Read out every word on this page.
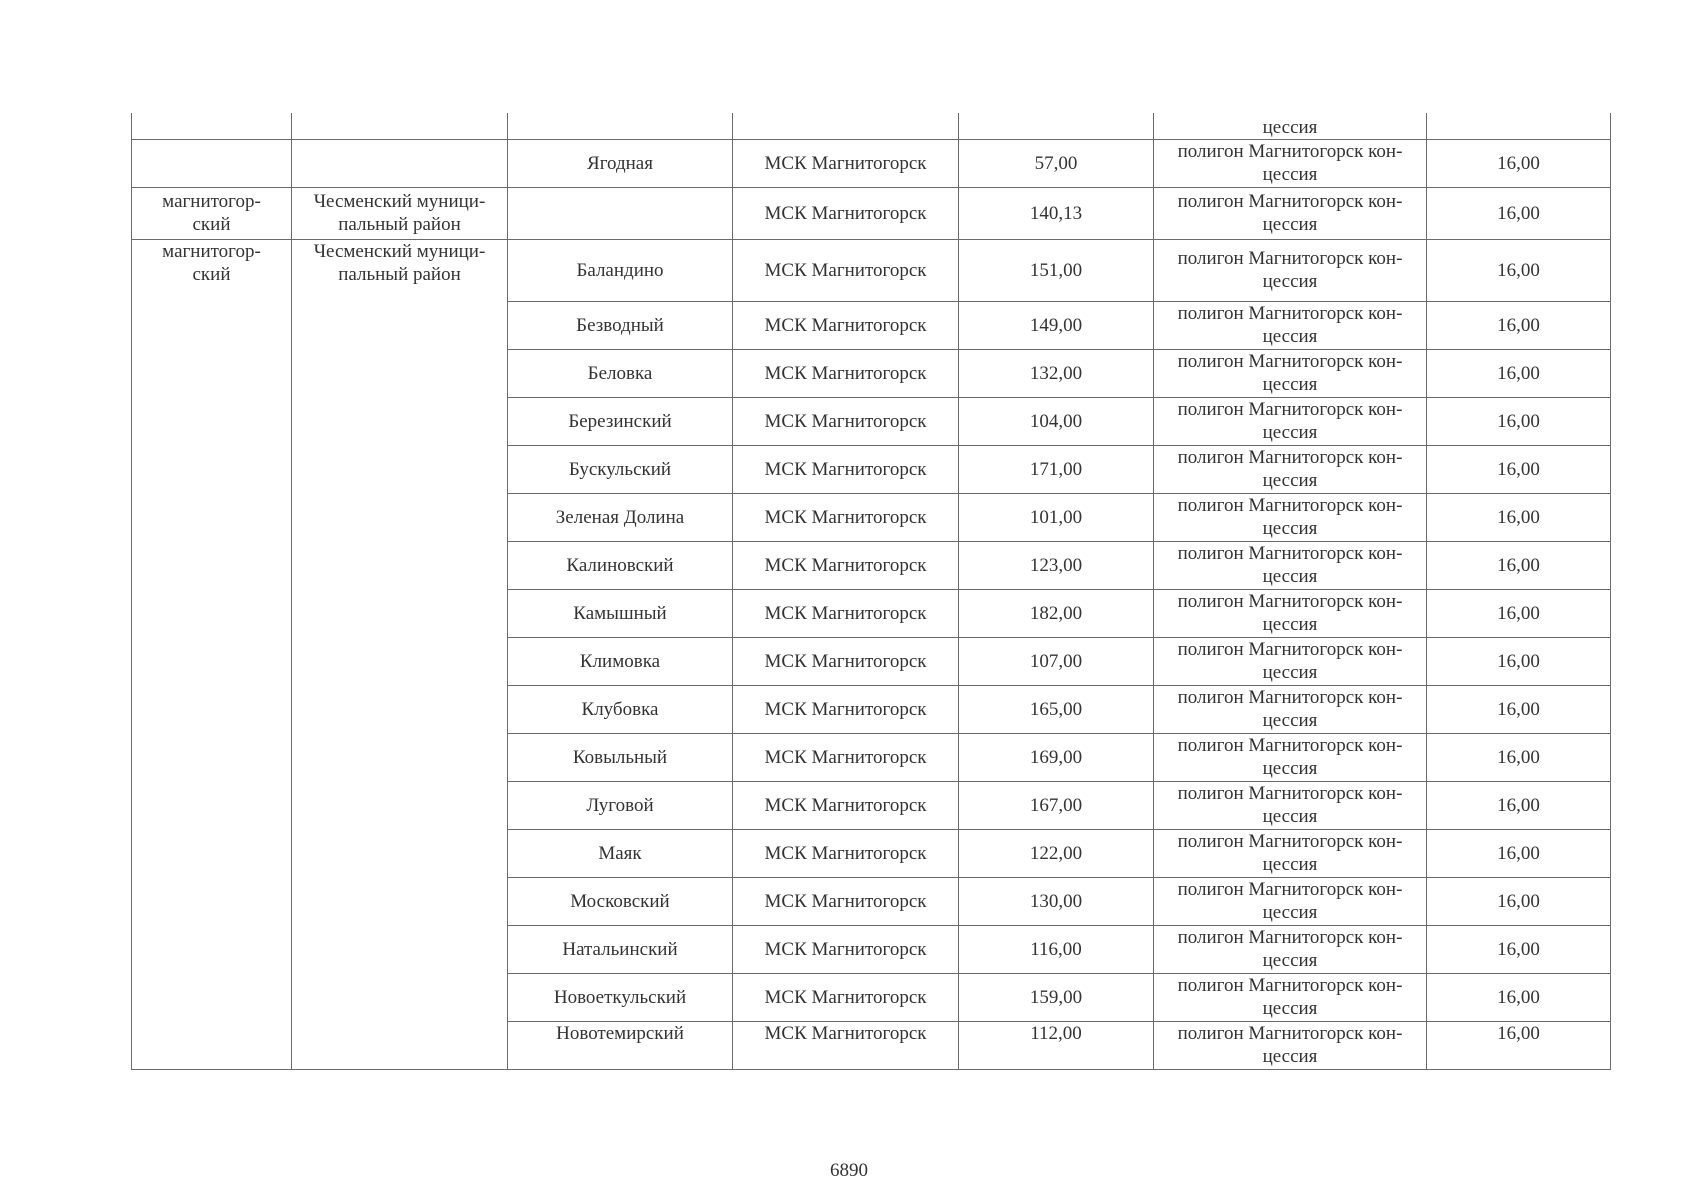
					цессия	
		Ягодная	МСК Магнитогорск	57,00	полигон Магнитогорск кон-
цессия	16,00

магнитогор-
ский	Чесменский муници-
пальный район		МСК Магнитогорск	140,13	полигон Магнитогорск кон-
цессия	16,00

магнитогор-
ский	Чесменский муници-
пальный район	Баландино	МСК Магнитогорск	151,00	полигон Магнитогорск кон-
цессия	16,00
		Безводный	МСК Магнитогорск	149,00	полигон Магнитогорск кон-
цессия	16,00
		Беловка	МСК Магнитогорск	132,00	полигон Магнитогорск кон-
цессия	16,00
		Березинский	МСК Магнитогорск	104,00	полигон Магнитогорск кон-
цессия	16,00
		Бускульский	МСК Магнитогорск	171,00	полигон Магнитогорск кон-
цессия	16,00
		Зеленая Долина	МСК Магнитогорск	101,00	полигон Магнитогорск кон-
цессия	16,00
		Калиновский	МСК Магнитогорск	123,00	полигон Магнитогорск кон-
цессия	16,00
		Камышный	МСК Магнитогорск	182,00	полигон Магнитогорск кон-
цессия	16,00
		Климовка	МСК Магнитогорск	107,00	полигон Магнитогорск кон-
цессия	16,00
		Клубовка	МСК Магнитогорск	165,00	полигон Магнитогорск кон-
цессия	16,00
		Ковыльный	МСК Магнитогорск	169,00	полигон Магнитогорск кон-
цессия	16,00
		Луговой	МСК Магнитогорск	167,00	полигон Магнитогорск кон-
цессия	16,00
		Маяк	МСК Магнитогорск	122,00	полигон Магнитогорск кон-
цессия	16,00
		Московский	МСК Магнитогорск	130,00	полигон Магнитогорск кон-
цессия	16,00
		Натальинский	МСК Магнитогорск	116,00	полигон Магнитогорск кон-
цессия	16,00
		Новоеткульский	МСК Магнитогорск	159,00	полигон Магнитогорск кон-
цессия	16,00
		Новотемирский	МСК Магнитогорск	112,00	полигон Магнитогорск кон-
цессия	16,00
6890
